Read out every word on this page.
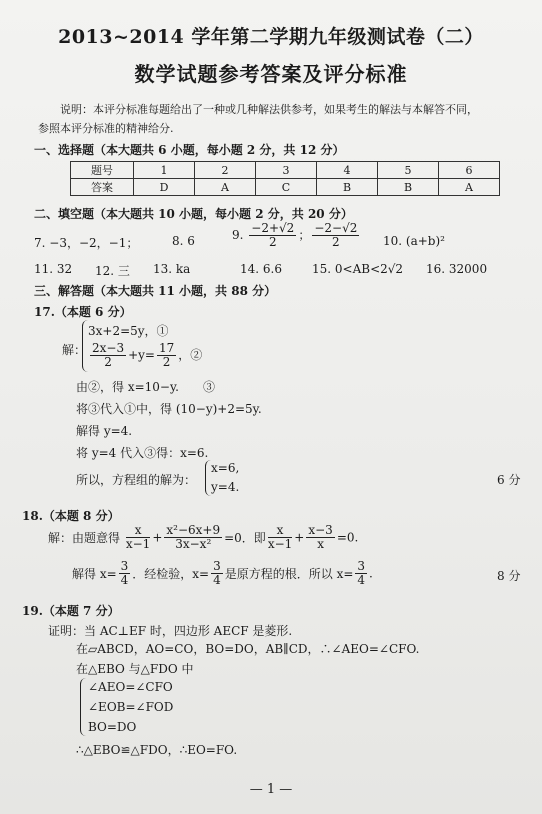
2013~2014 学年第二学期九年级测试卷（二）
数学试题参考答案及评分标准
说明：本评分标准每题给出了一种或几种解法供参考，如果考生的解法与本解答不同，
参照本评分标准的精神给分.
一、选择题（本大题共 6 小题，每小题 2 分，共 12 分）
题号	1	2	3	4	5	6
答案	D	A	C	B	B	A
二、填空题（本大题共 10 小题，每小题 2 分，共 20 分）
7. −3，−2，−1；	8. 6	9. $\frac{-2+√2}{2}$ ； $\frac{-2-√2}{2} 10$. (a+b)²
11. 32 12. 三 13. ka	14. 6.6	15. 0<AB<2√2 16. 32000
三、解答题（本大题共 11 小题，共 88 分）
17.（本题 6 分）
解：
3x+2=5y，①
$\frac{2x-3}{2} +y= \frac{17}{2}$ ，②
由②，得 x=10−y.　　③
将③代入①中，得 (10−y)+2=5y.
解得 y=4.
将 y=4 代入③得：x=6.
所以，方程组的解为：
x=6,
y=4.	6 分
18.（本题 8 分）
解：由题意得 $\frac{x}{x-1} + \frac{\text{x²−6x+9}}{\text{3x−x²}} =0$．即 $\frac{x}{x-1} + \frac{x-3}{x} =0$.
解得 $x= \frac{3}{4}$ ．经检验，$x= \frac{3}{4}$ 是原方程的根．所以 $x= \frac{3}{4}$ .	8 分
19.（本题 7 分）
证明：当 AC⊥EF 时，四边形 AECF 是菱形.
在▱ABCD，AO=CO，BO=DO，AB∥CD，∴∠AEO=∠CFO.
在△EBO 与△FDO 中
∠AEO=∠CFO
∠EOB=∠FOD
BO=DO
∴△EBO≌△FDO，∴EO=FO.
— 1 —
